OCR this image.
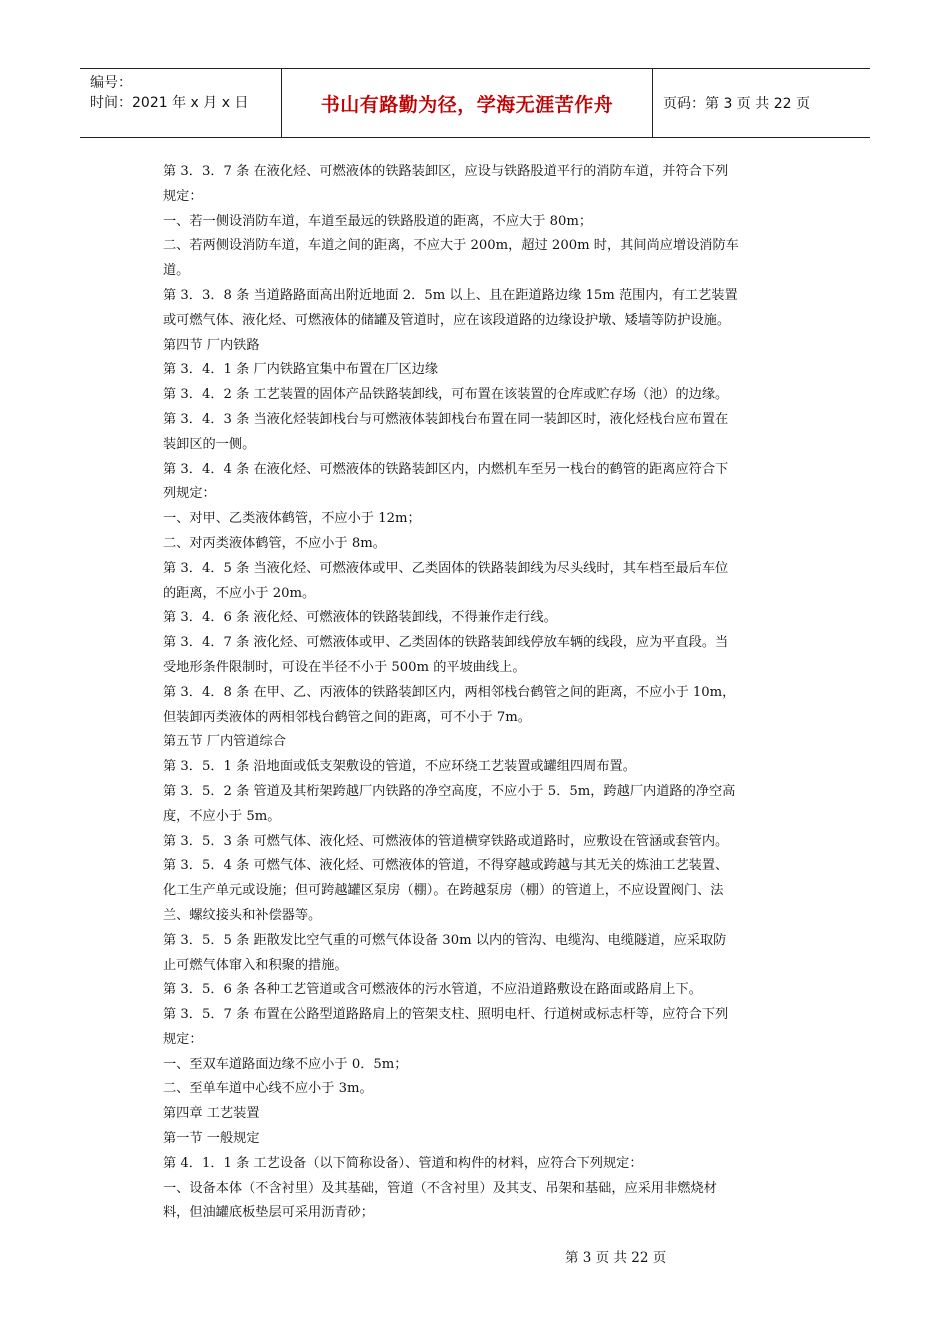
编号：
时间：2021 年 x 月 x 日	书山有路勤为径，学海无涯苦作舟	页码：第 3 页 共 22 页
第 3．3．7 条 在液化烃、可燃液体的铁路装卸区，应设与铁路股道平行的消防车道，并符合下列
规定：
一、若一侧设消防车道，车道至最远的铁路股道的距离，不应大于 80m；
二、若两侧设消防车道，车道之间的距离，不应大于 200m，超过 200m 时，其间尚应增设消防车
道。
第 3．3．8 条 当道路路面高出附近地面 2．5m 以上、且在距道路边缘 15m 范围内，有工艺装置
或可燃气体、液化烃、可燃液体的储罐及管道时，应在该段道路的边缘设护墩、矮墙等防护设施。
第四节 厂内铁路
第 3．4．1 条 厂内铁路宜集中布置在厂区边缘
第 3．4．2 条 工艺装置的固体产品铁路装卸线，可布置在该装置的仓库或贮存场（池）的边缘。
第 3．4．3 条 当液化烃装卸栈台与可燃液体装卸栈台布置在同一装卸区时，液化烃栈台应布置在
装卸区的一侧。
第 3．4．4 条 在液化烃、可燃液体的铁路装卸区内，内燃机车至另一栈台的鹤管的距离应符合下
列规定：
一、对甲、乙类液体鹤管，不应小于 12m；
二、对丙类液体鹤管，不应小于 8m。
第 3．4．5 条 当液化烃、可燃液体或甲、乙类固体的铁路装卸线为尽头线时，其车档至最后车位
的距离，不应小于 20m。
第 3．4．6 条 液化烃、可燃液体的铁路装卸线，不得兼作走行线。
第 3．4．7 条 液化烃、可燃液体或甲、乙类固体的铁路装卸线停放车辆的线段，应为平直段。当
受地形条件限制时，可设在半径不小于 500m 的平坡曲线上。
第 3．4．8 条 在甲、乙、丙液体的铁路装卸区内，两相邻栈台鹤管之间的距离，不应小于 10m，
但装卸丙类液体的两相邻栈台鹤管之间的距离，可不小于 7m。
第五节 厂内管道综合
第 3．5．1 条 沿地面或低支架敷设的管道，不应环绕工艺装置或罐组四周布置。
第 3．5．2 条 管道及其桁架跨越厂内铁路的净空高度，不应小于 5．5m，跨越厂内道路的净空高
度，不应小于 5m。
第 3．5．3 条 可燃气体、液化烃、可燃液体的管道横穿铁路或道路时，应敷设在管涵或套管内。
第 3．5．4 条 可燃气体、液化烃、可燃液体的管道，不得穿越或跨越与其无关的炼油工艺装置、
化工生产单元或设施；但可跨越罐区泵房（棚）。在跨越泵房（棚）的管道上，不应设置阀门、法
兰、螺纹接头和补偿器等。
第 3．5．5 条 距散发比空气重的可燃气体设备 30m 以内的管沟、电缆沟、电缆隧道，应采取防
止可燃气体窜入和积聚的措施。
第 3．5．6 条 各种工艺管道或含可燃液体的污水管道，不应沿道路敷设在路面或路肩上下。
第 3．5．7 条 布置在公路型道路路肩上的管架支柱、照明电杆、行道树或标志杆等，应符合下列
规定：
一、至双车道路面边缘不应小于 0．5m；
二、至单车道中心线不应小于 3m。
第四章 工艺装置
第一节 一般规定
第 4．1．1 条 工艺设备（以下简称设备）、管道和构件的材料，应符合下列规定：
一、设备本体（不含衬里）及其基础，管道（不含衬里）及其支、吊架和基础，应采用非燃烧材
料，但油罐底板垫层可采用沥青砂；
第 3 页 共 22 页
